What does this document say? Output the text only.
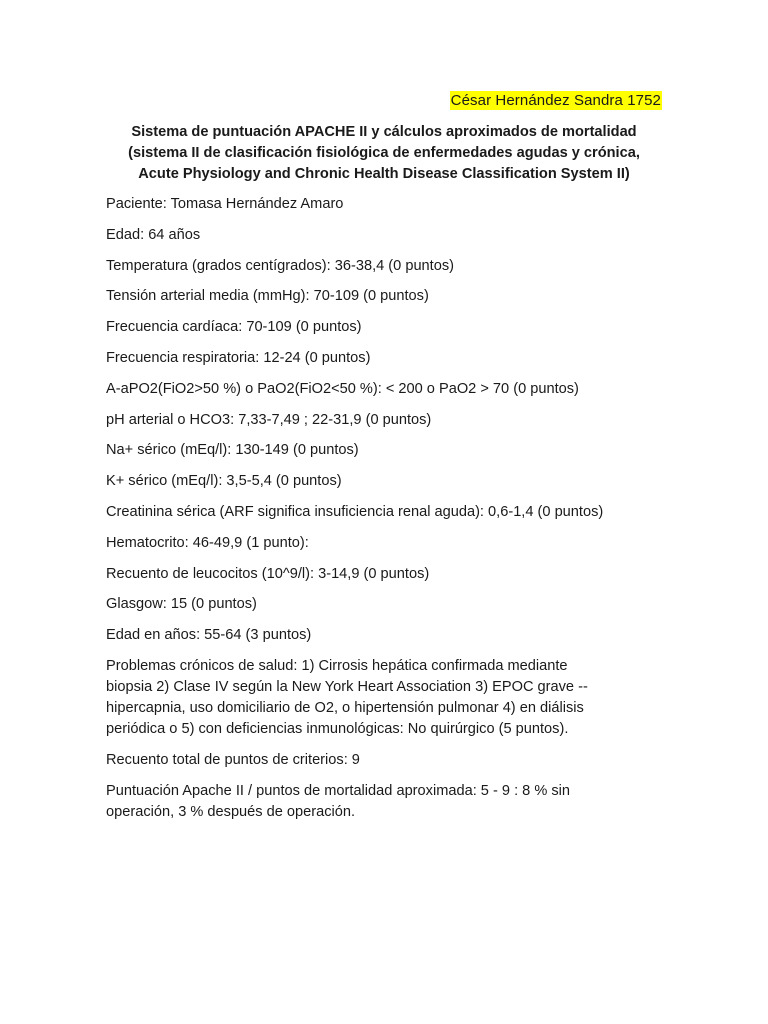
César Hernández Sandra 1752
Sistema de puntuación APACHE II y cálculos aproximados de mortalidad
(sistema II de clasificación fisiológica de enfermedades agudas y crónica,
Acute Physiology and Chronic Health Disease Classification System II)

Paciente: Tomasa Hernández Amaro

Edad: 64 años

Temperatura (grados centígrados): 36-38,4 (0 puntos)

Tensión arterial media (mmHg): 70-109 (0 puntos)

Frecuencia cardíaca: 70-109 (0 puntos)

Frecuencia respiratoria: 12-24 (0 puntos)

A-aPO2(FiO2>50 %) o PaO2(FiO2<50 %): < 200 o PaO2 > 70 (0 puntos)

pH arterial o HCO3: 7,33-7,49 ; 22-31,9 (0 puntos)

Na+ sérico (mEq/l): 130-149 (0 puntos)

K+ sérico (mEq/l): 3,5-5,4 (0 puntos)

Creatinina sérica (ARF significa insuficiencia renal aguda): 0,6-1,4 (0 puntos)

Hematocrito: 46-49,9 (1 punto):

Recuento de leucocitos (10^9/l): 3-14,9 (0 puntos)

Glasgow: 15 (0 puntos)

Edad en años: 55-64 (3 puntos)

Problemas crónicos de salud: 1) Cirrosis hepática confirmada mediante
biopsia 2) Clase IV según la New York Heart Association 3) EPOC grave --
hipercapnia, uso domiciliario de O2, o hipertensión pulmonar 4) en diálisis
periódica o 5) con deficiencias inmunológicas: No quirúrgico (5 puntos).

Recuento total de puntos de criterios: 9

Puntuación Apache II / puntos de mortalidad aproximada: 5 - 9 : 8 % sin
operación, 3 % después de operación.
